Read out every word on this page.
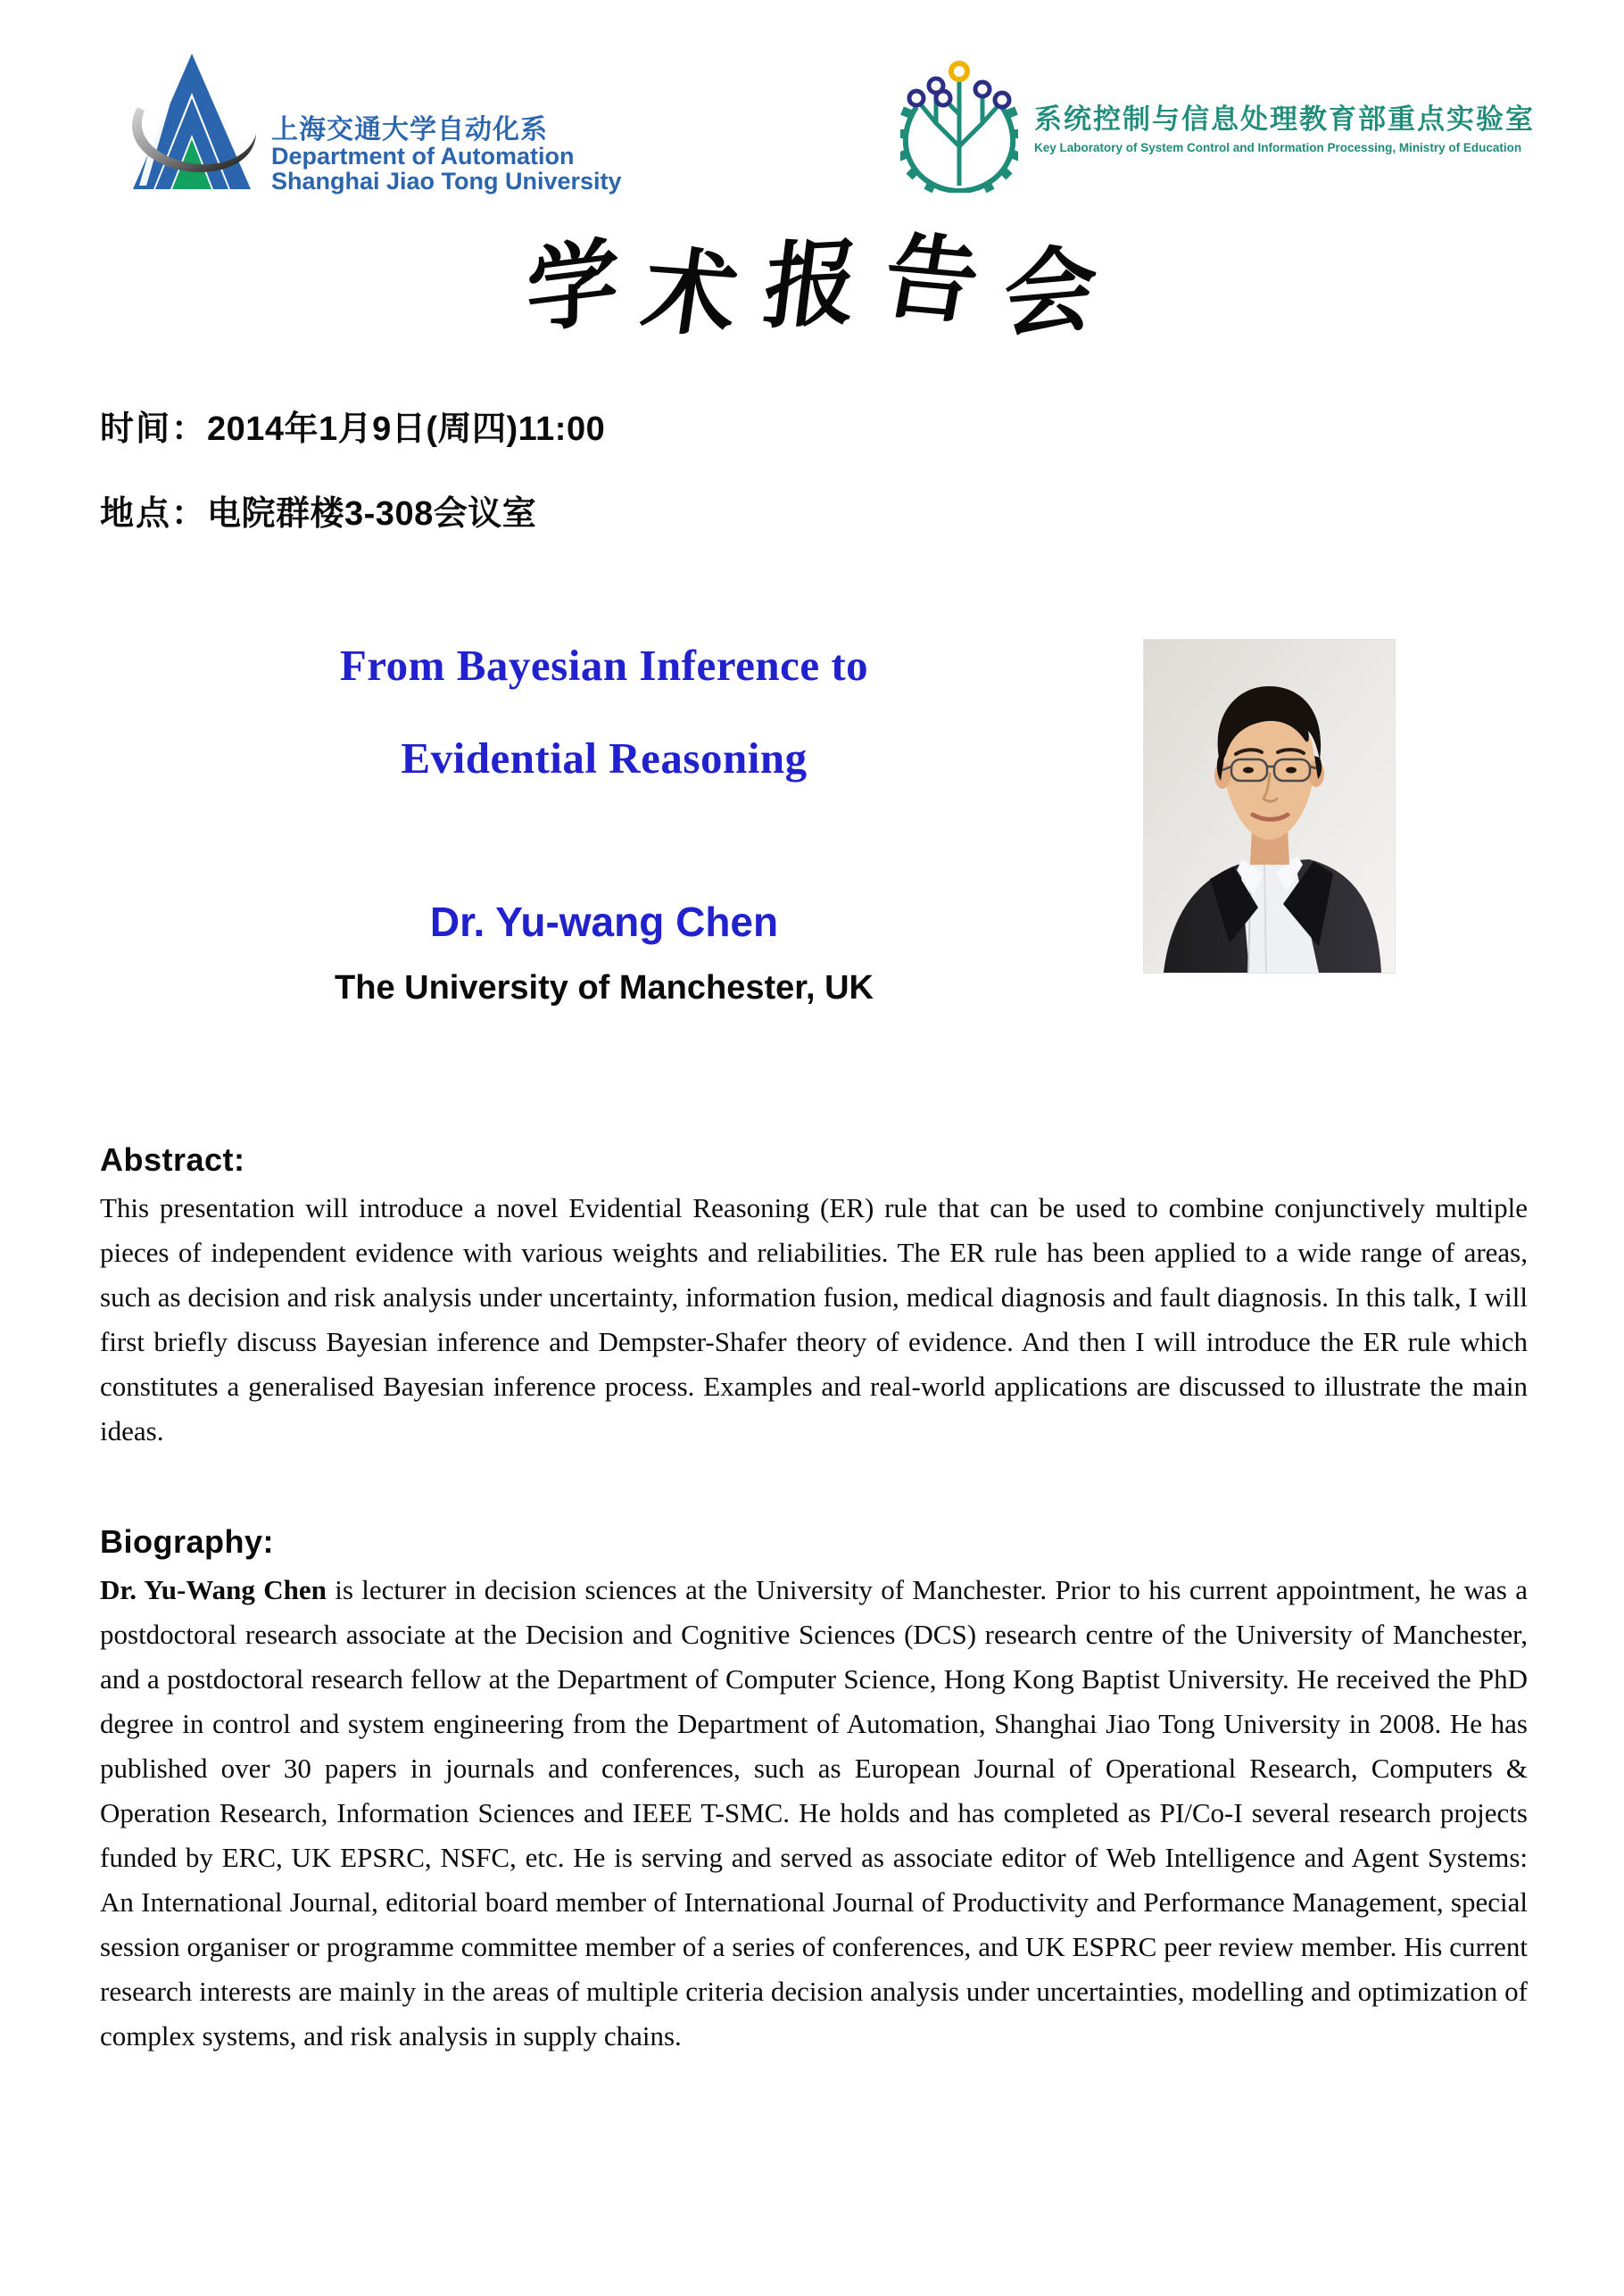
上海交通大学自动化系
Department of Automation
Shanghai Jiao Tong University
系统控制与信息处理教育部重点实验室
Key Laboratory of System Control and Information Processing, Ministry of Education
学 术 报 告 会
时间：2014年1月9日(周四)11:00
地点：电院群楼3-308会议室
From Bayesian Inference to
Evidential Reasoning
Dr. Yu-wang Chen
The University of Manchester, UK
Abstract:

This presentation will introduce a novel Evidential Reasoning (ER) rule that can be used to combine conjunctively multiple pieces of independent evidence with various weights and reliabilities. The ER rule has been applied to a wide range of areas, such as decision and risk analysis under uncertainty, information fusion, medical diagnosis and fault diagnosis. In this talk, I will first briefly discuss Bayesian inference and Dempster-Shafer theory of evidence. And then I will introduce the ER rule which constitutes a generalised Bayesian inference process. Examples and real-world applications are discussed to illustrate the main ideas.

Biography:

Dr. Yu-Wang Chen is lecturer in decision sciences at the University of Manchester. Prior to his current appointment, he was a postdoctoral research associate at the Decision and Cognitive Sciences (DCS) research centre of the University of Manchester, and a postdoctoral research fellow at the Department of Computer Science, Hong Kong Baptist University. He received the PhD degree in control and system engineering from the Department of Automation, Shanghai Jiao Tong University in 2008. He has published over 30 papers in journals and conferences, such as European Journal of Operational Research, Computers & Operation Research, Information Sciences and IEEE T-SMC. He holds and has completed as PI/Co-I several research projects funded by ERC, UK EPSRC, NSFC, etc. He is serving and served as associate editor of Web Intelligence and Agent Systems: An International Journal, editorial board member of International Journal of Productivity and Performance Management, special session organiser or programme committee member of a series of conferences, and UK ESPRC peer review member. His current research interests are mainly in the areas of multiple criteria decision analysis under uncertainties, modelling and optimization of complex systems, and risk analysis in supply chains.
